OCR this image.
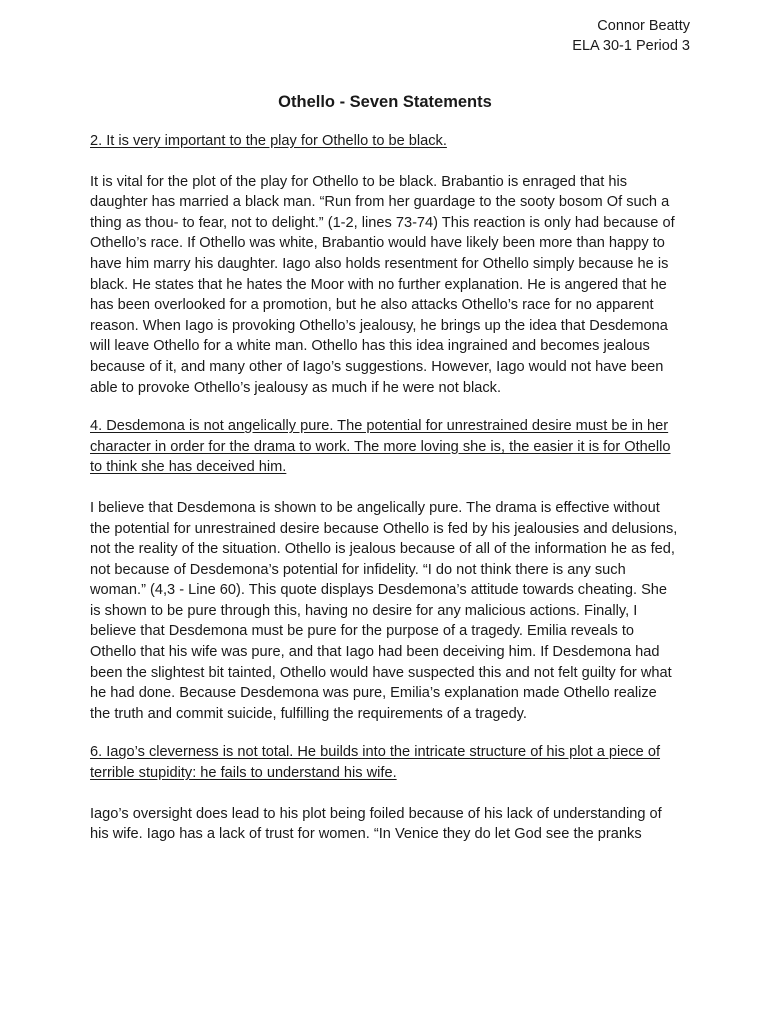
Connor Beatty
ELA 30-1 Period 3
Othello - Seven Statements

2. It is very important to the play for Othello to be black.

It is vital for the plot of the play for Othello to be black. Brabantio is enraged that his daughter has married a black man. “Run from her guardage to the sooty bosom Of such a thing as thou- to fear, not to delight.” (1-2, lines 73-74) This reaction is only had because of Othello’s race. If Othello was white, Brabantio would have likely been more than happy to have him marry his daughter. Iago also holds resentment for Othello simply because he is black. He states that he hates the Moor with no further explanation. He is angered that he has been overlooked for a promotion, but he also attacks Othello’s race for no apparent reason. When Iago is provoking Othello’s jealousy, he brings up the idea that Desdemona will leave Othello for a white man. Othello has this idea ingrained and becomes jealous because of it, and many other of Iago’s suggestions. However, Iago would not have been able to provoke Othello’s jealousy as much if he were not black.

4. Desdemona is not angelically pure. The potential for unrestrained desire must be in her character in order for the drama to work. The more loving she is, the easier it is for Othello to think she has deceived him.

I believe that Desdemona is shown to be angelically pure. The drama is effective without the potential for unrestrained desire because Othello is fed by his jealousies and delusions, not the reality of the situation. Othello is jealous because of all of the information he as fed, not because of Desdemona’s potential for infidelity. “I do not think there is any such woman.” (4,3 - Line 60). This quote displays Desdemona’s attitude towards cheating. She is shown to be pure through this, having no desire for any malicious actions. Finally, I believe that Desdemona must be pure for the purpose of a tragedy. Emilia reveals to Othello that his wife was pure, and that Iago had been deceiving him. If Desdemona had been the slightest bit tainted, Othello would have suspected this and not felt guilty for what he had done. Because Desdemona was pure, Emilia’s explanation made Othello realize the truth and commit suicide, fulfilling the requirements of a tragedy.

6. Iago’s cleverness is not total. He builds into the intricate structure of his plot a piece of terrible stupidity: he fails to understand his wife.

Iago’s oversight does lead to his plot being foiled because of his lack of understanding of his wife. Iago has a lack of trust for women. “In Venice they do let God see the pranks
